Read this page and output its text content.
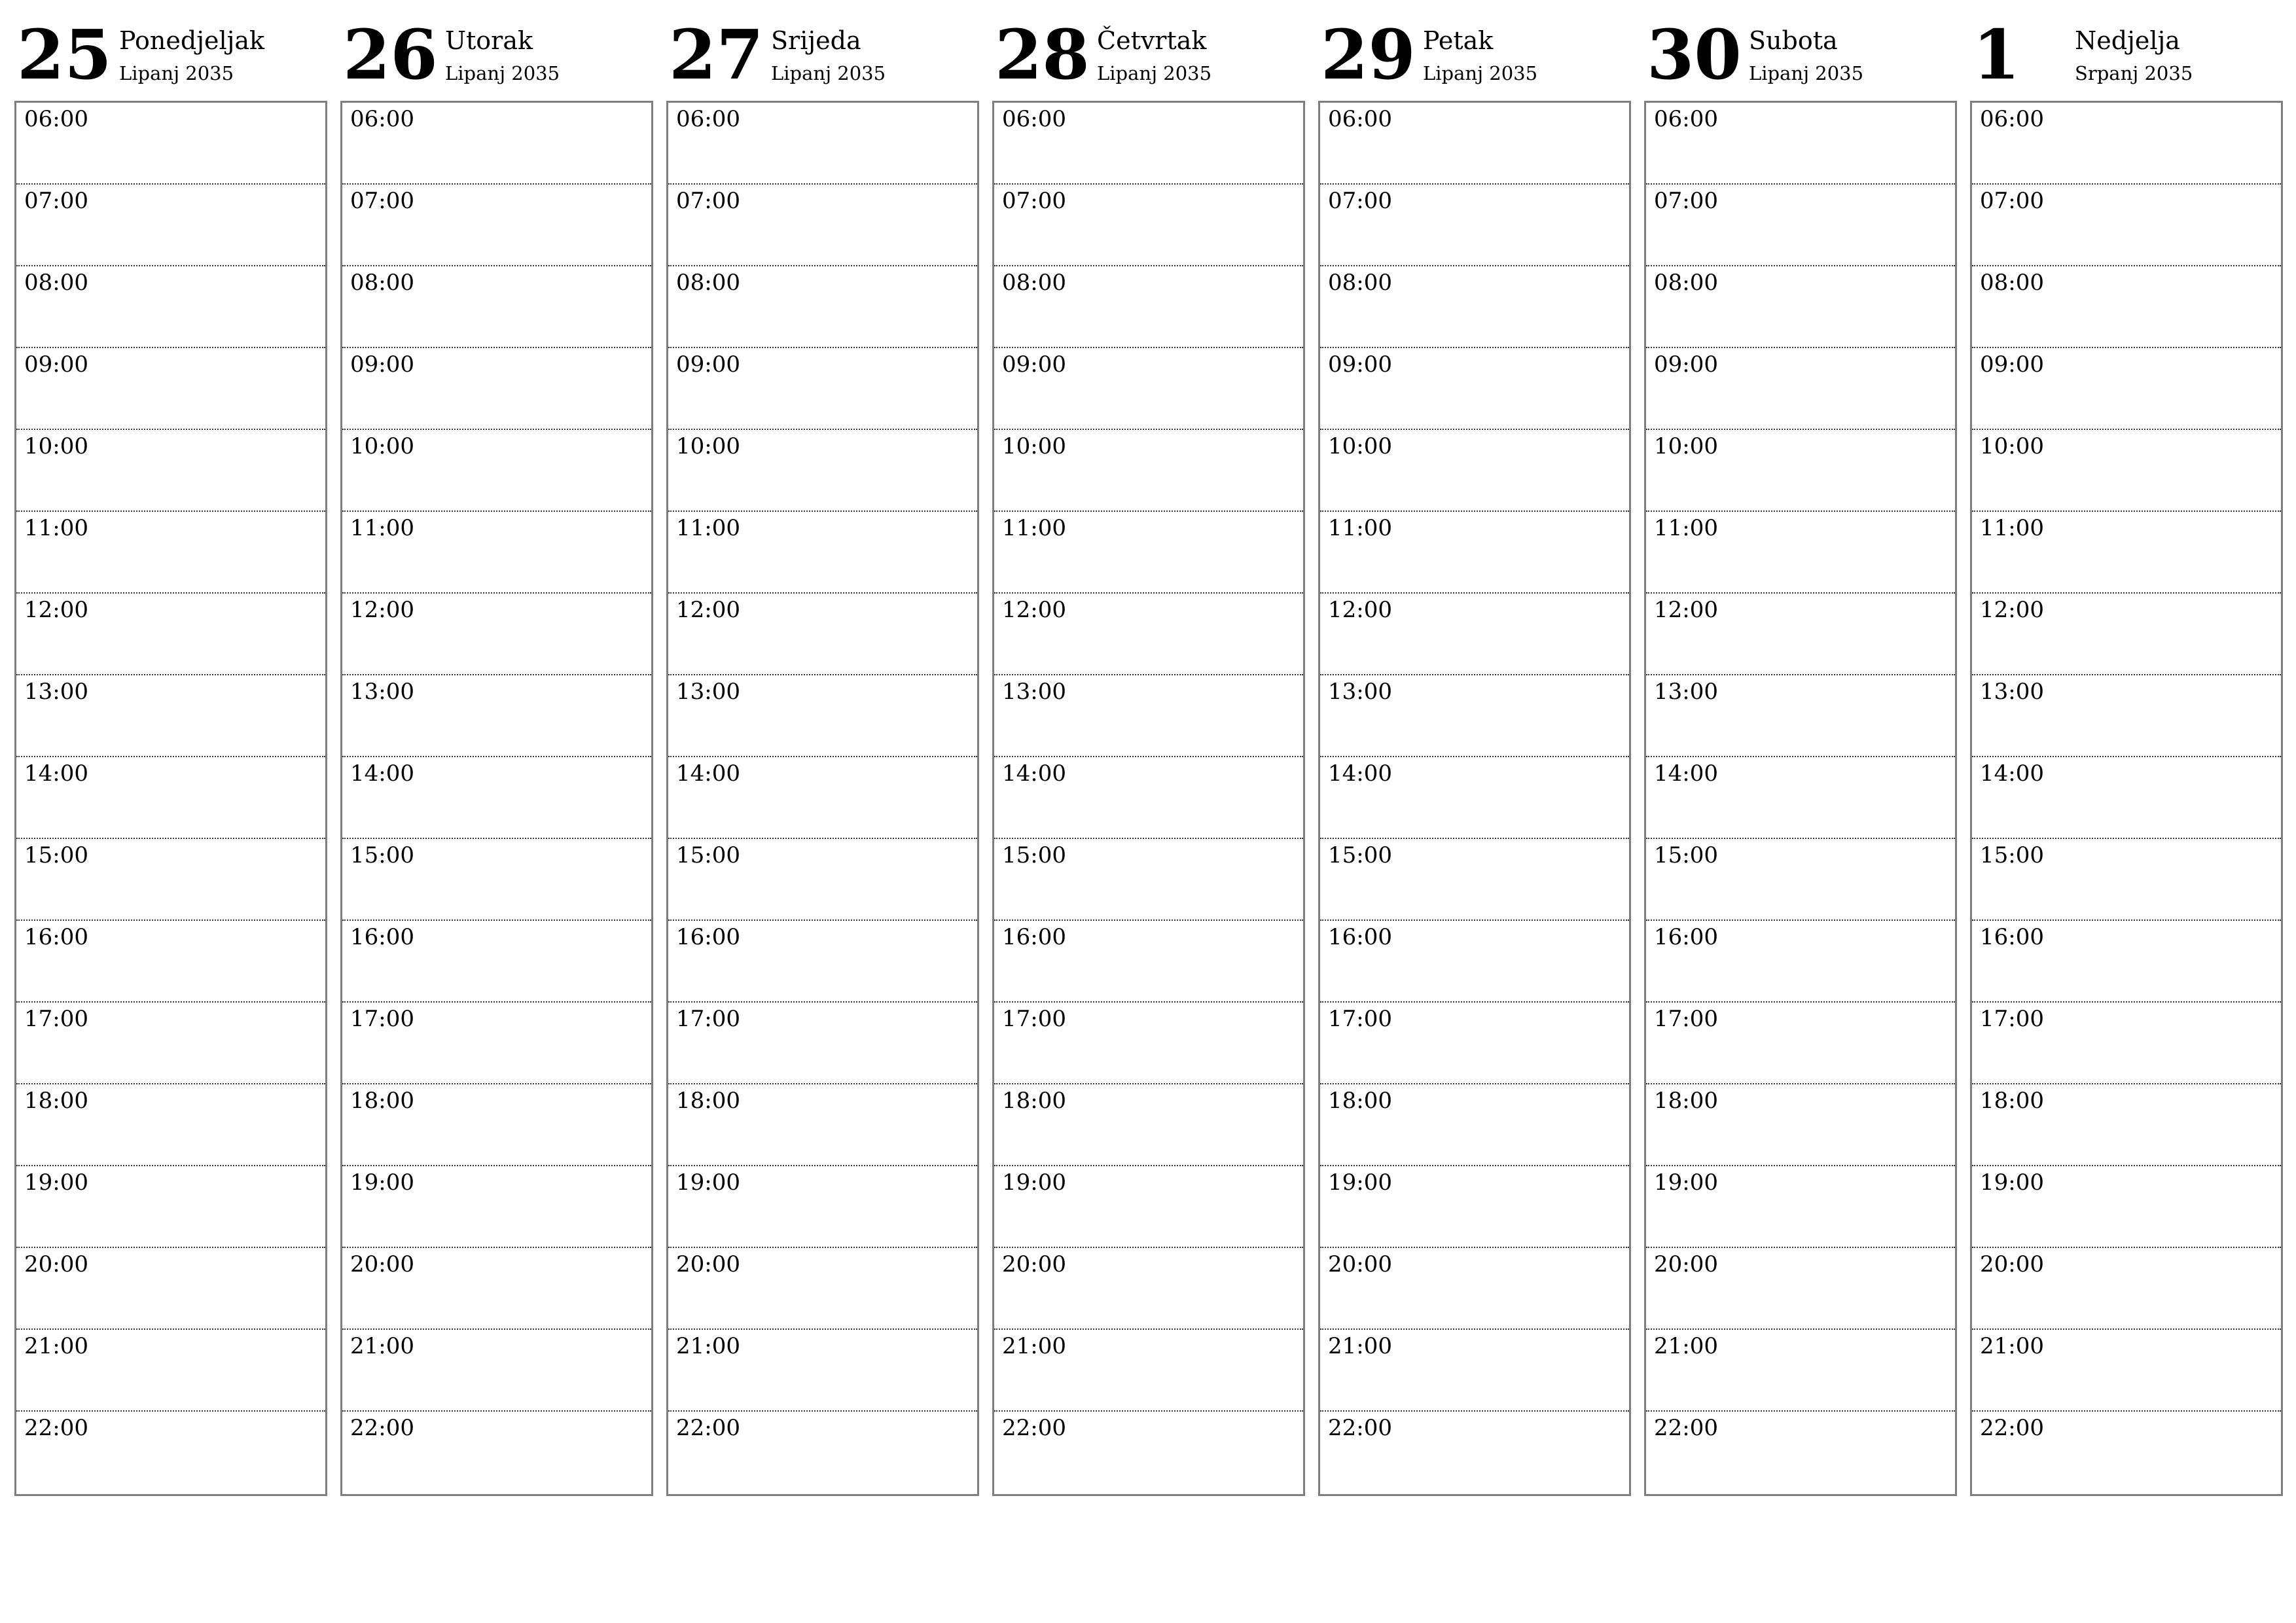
25 Ponedjeljak
Lipanj 2035
06:00
07:00
08:00
09:00
10:00
11:00
12:00
13:00
14:00
15:00
16:00
17:00
18:00
19:00
20:00
21:00
22:00
26 Utorak
Lipanj 2035
06:00
07:00
08:00
09:00
10:00
11:00
12:00
13:00
14:00
15:00
16:00
17:00
18:00
19:00
20:00
21:00
22:00
27 Srijeda
Lipanj 2035
06:00
07:00
08:00
09:00
10:00
11:00
12:00
13:00
14:00
15:00
16:00
17:00
18:00
19:00
20:00
21:00
22:00
28 Četvrtak
Lipanj 2035
06:00
07:00
08:00
09:00
10:00
11:00
12:00
13:00
14:00
15:00
16:00
17:00
18:00
19:00
20:00
21:00
22:00
29 Petak
Lipanj 2035
06:00
07:00
08:00
09:00
10:00
11:00
12:00
13:00
14:00
15:00
16:00
17:00
18:00
19:00
20:00
21:00
22:00
30 Subota
Lipanj 2035
06:00
07:00
08:00
09:00
10:00
11:00
12:00
13:00
14:00
15:00
16:00
17:00
18:00
19:00
20:00
21:00
22:00
1 Nedjelja
Srpanj 2035
06:00
07:00
08:00
09:00
10:00
11:00
12:00
13:00
14:00
15:00
16:00
17:00
18:00
19:00
20:00
21:00
22:00
